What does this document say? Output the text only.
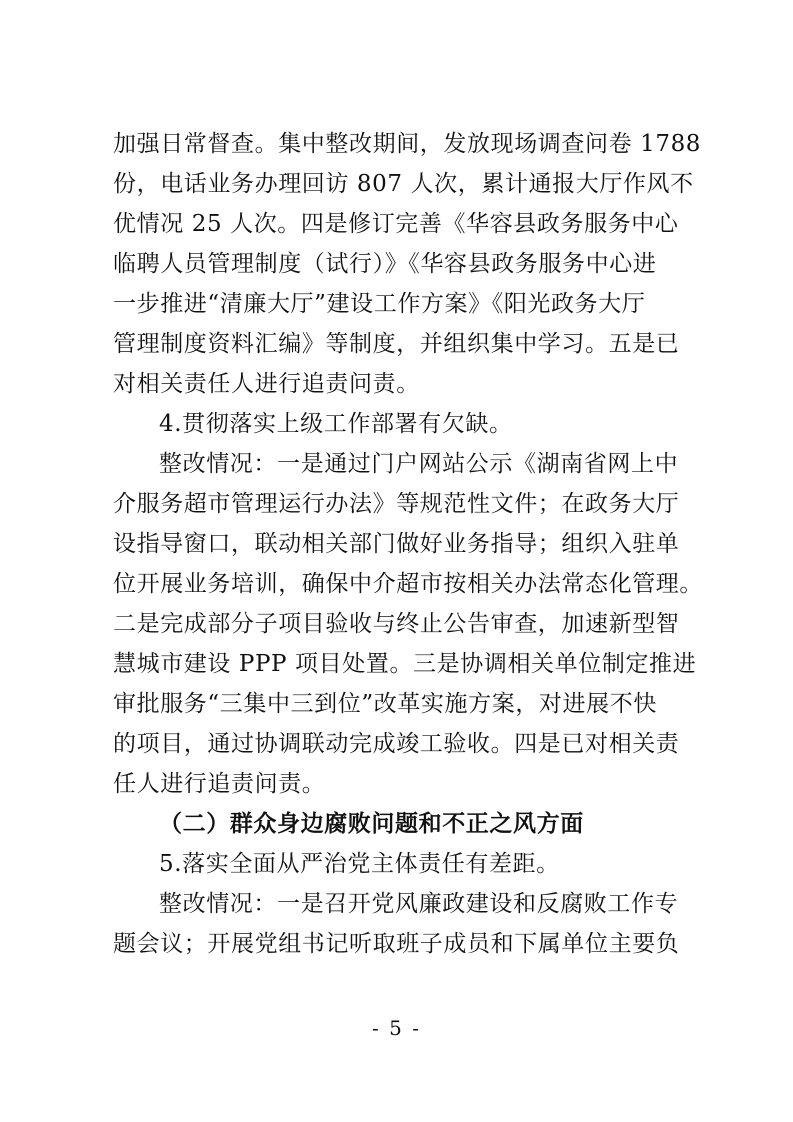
加强日常督查。集中整改期间，发放现场调查问卷 1788
份，电话业务办理回访 807 人次，累计通报大厅作风不
优情况 25 人次。四是修订完善《华容县政务服务中心
临聘人员管理制度（试行）》《华容县政务服务中心进
一步推进“清廉大厅”建设工作方案》《阳光政务大厅
管理制度资料汇编》等制度，并组织集中学习。五是已
对相关责任人进行追责问责。
4.贯彻落实上级工作部署有欠缺。
整改情况：一是通过门户网站公示《湖南省网上中
介服务超市管理运行办法》等规范性文件；在政务大厅
设指导窗口，联动相关部门做好业务指导；组织入驻单
位开展业务培训，确保中介超市按相关办法常态化管理。
二是完成部分子项目验收与终止公告审查，加速新型智
慧城市建设 PPP 项目处置。三是协调相关单位制定推进
审批服务“三集中三到位”改革实施方案，对进展不快
的项目，通过协调联动完成竣工验收。四是已对相关责
任人进行追责问责。
（二）群众身边腐败问题和不正之风方面
5.落实全面从严治党主体责任有差距。
整改情况：一是召开党风廉政建设和反腐败工作专
题会议；开展党组书记听取班子成员和下属单位主要负
- 5 -
